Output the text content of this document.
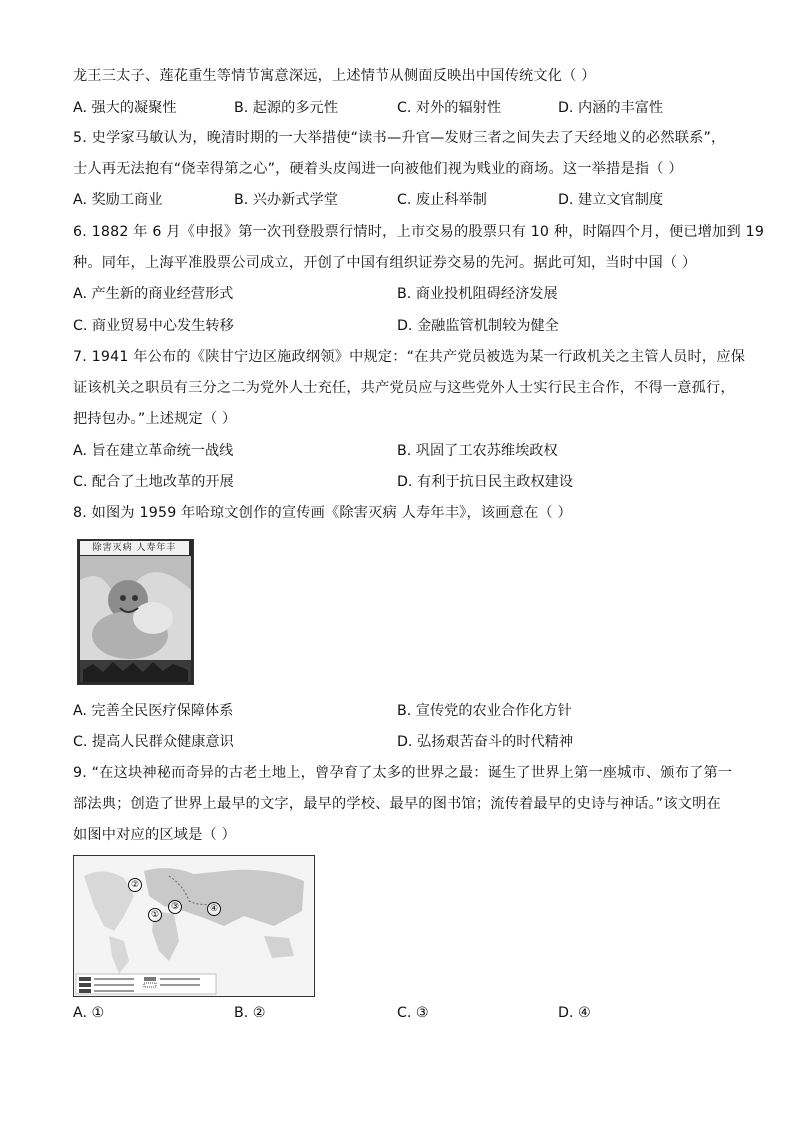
龙王三太子、莲花重生等情节寓意深远，上述情节从侧面反映出中国传统文化（ ）
A. 强大的凝聚性	B. 起源的多元性	C. 对外的辐射性	D. 内涵的丰富性
5. 史学家马敏认为，晚清时期的一大举措使“读书—升官—发财三者之间失去了天经地义的必然联系”，
士人再无法抱有“侥幸得第之心”，硬着头皮闯进一向被他们视为贱业的商场。这一举措是指（ ）
A. 奖励工商业	B. 兴办新式学堂	C. 废止科举制	D. 建立文官制度
6. 1882 年 6 月《申报》第一次刊登股票行情时，上市交易的股票只有 10 种，时隔四个月，便已增加到 19
种。同年，上海平准股票公司成立，开创了中国有组织证券交易的先河。据此可知，当时中国（ ）
A. 产生新的商业经营形式	B. 商业投机阻碍经济发展
C. 商业贸易中心发生转移	D. 金融监管机制较为健全
7. 1941 年公布的《陕甘宁边区施政纲领》中规定：“在共产党员被选为某一行政机关之主管人员时，应保
证该机关之职员有三分之二为党外人士充任，共产党员应与这些党外人士实行民主合作，不得一意孤行，
把持包办。”上述规定（ ）
A. 旨在建立革命统一战线	B. 巩固了工农苏维埃政权
C. 配合了土地改革的开展	D. 有利于抗日民主政权建设
8. 如图为 1959 年哈琼文创作的宣传画《除害灭病 人寿年丰》，该画意在（ ）
除害灭病 人寿年丰
A. 完善全民医疗保障体系	B. 宣传党的农业合作化方针
C. 提高人民群众健康意识	D. 弘扬艰苦奋斗的时代精神
9. “在这块神秘而奇异的古老土地上，曾孕育了太多的世界之最：诞生了世界上第一座城市、颁布了第一
部法典；创造了世界上最早的文字，最早的学校、最早的图书馆；流传着最早的史诗与神话。”该文明在
如图中对应的区域是（ ）
②
③	④
①
A. ①	B. ②	C. ③	D. ④
